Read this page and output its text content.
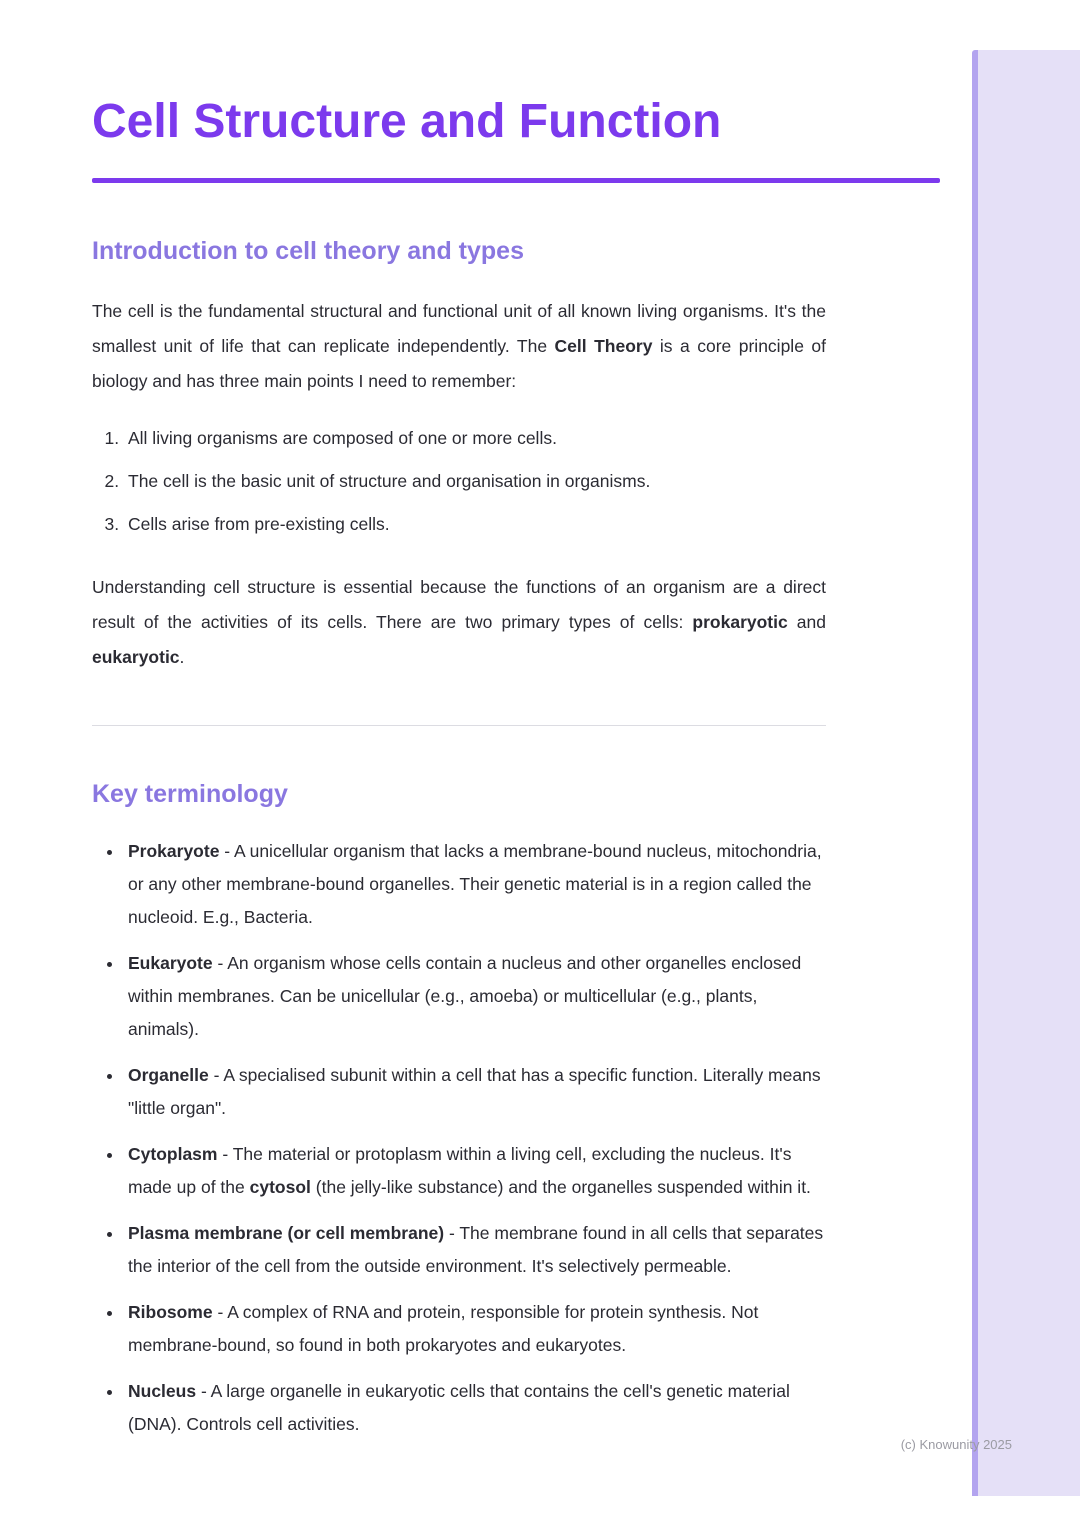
Cell Structure and Function
Introduction to cell theory and types

The cell is the fundamental structural and functional unit of all known living organisms. It's the smallest unit of life that can replicate independently. The Cell Theory is a core principle of biology and has three main points I need to remember:

1. All living organisms are composed of one or more cells.
2. The cell is the basic unit of structure and organisation in organisms.
3. Cells arise from pre-existing cells.

Understanding cell structure is essential because the functions of an organism are a direct result of the activities of its cells. There are two primary types of cells: prokaryotic and eukaryotic.

Key terminology
• Prokaryote - A unicellular organism that lacks a membrane-bound nucleus, mitochondria, or any other membrane-bound organelles. Their genetic material is in a region called the nucleoid. E.g., Bacteria.
• Eukaryote - An organism whose cells contain a nucleus and other organelles enclosed within membranes. Can be unicellular (e.g., amoeba) or multicellular (e.g., plants, animals).
• Organelle - A specialised subunit within a cell that has a specific function. Literally means "little organ".
• Cytoplasm - The material or protoplasm within a living cell, excluding the nucleus. It's made up of the cytosol (the jelly-like substance) and the organelles suspended within it.
• Plasma membrane (or cell membrane) - The membrane found in all cells that separates the interior of the cell from the outside environment. It's selectively permeable.
• Ribosome - A complex of RNA and protein, responsible for protein synthesis. Not membrane-bound, so found in both prokaryotes and eukaryotes.
• Nucleus - A large organelle in eukaryotic cells that contains the cell's genetic material (DNA). Controls cell activities.
(c) Knowunity 2025
